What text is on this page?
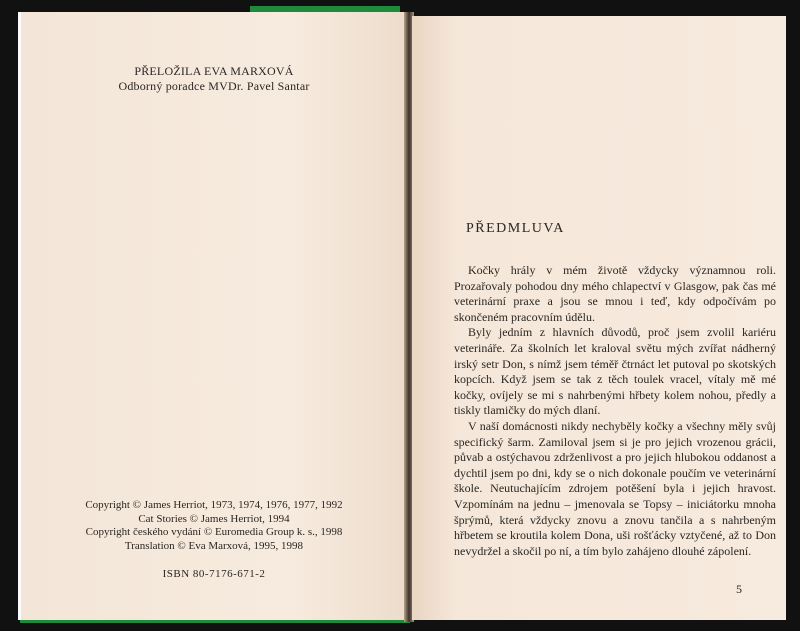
PŘELOŽILA EVA MARXOVÁ
Odborný poradce MVDr. Pavel Santar
Copyright © James Herriot, 1973, 1974, 1976, 1977, 1992
Cat Stories © James Herriot, 1994
Copyright českého vydání © Euromedia Group k. s., 1998
Translation © Eva Marxová, 1995, 1998
ISBN 80-7176-671-2
PŘEDMLUVA

Kočky hrály v mém životě vždycky významnou roli. Prozařovaly pohodou dny mého chlapectví v Glasgow, pak čas mé veterinární praxe a jsou se mnou i teď, kdy odpočívám po skončeném pracovním údělu.

Byly jedním z hlavních důvodů, proč jsem zvolil kariéru veterináře. Za školních let kraloval světu mých zvířat nádherný irský setr Don, s nímž jsem téměř čtrnáct let putoval po skotských kopcích. Když jsem se tak z těch toulek vracel, vítaly mě mé kočky, ovíjely se mi s nahrbenými hřbety kolem nohou, předly a tiskly tlamičky do mých dlaní.

V naší domácnosti nikdy nechyběly kočky a všechny měly svůj specifický šarm. Zamiloval jsem si je pro jejich vrozenou grácii, půvab a ostýchavou zdrženlivost a pro jejich hlubokou oddanost a dychtil jsem po dni, kdy se o nich dokonale poučím ve veterinární škole. Neutuchajícím zdrojem potěšení byla i jejich hravost. Vzpomínám na jednu – jmenovala se Topsy – iniciátorku mnoha šprýmů, která vždycky znovu a znovu tančila a s nahrbeným hřbetem se kroutila kolem Dona, uši rošťácky vztyčené, až to Don nevydržel a skočil po ní, a tím bylo zahájeno dlouhé zápolení.

5
